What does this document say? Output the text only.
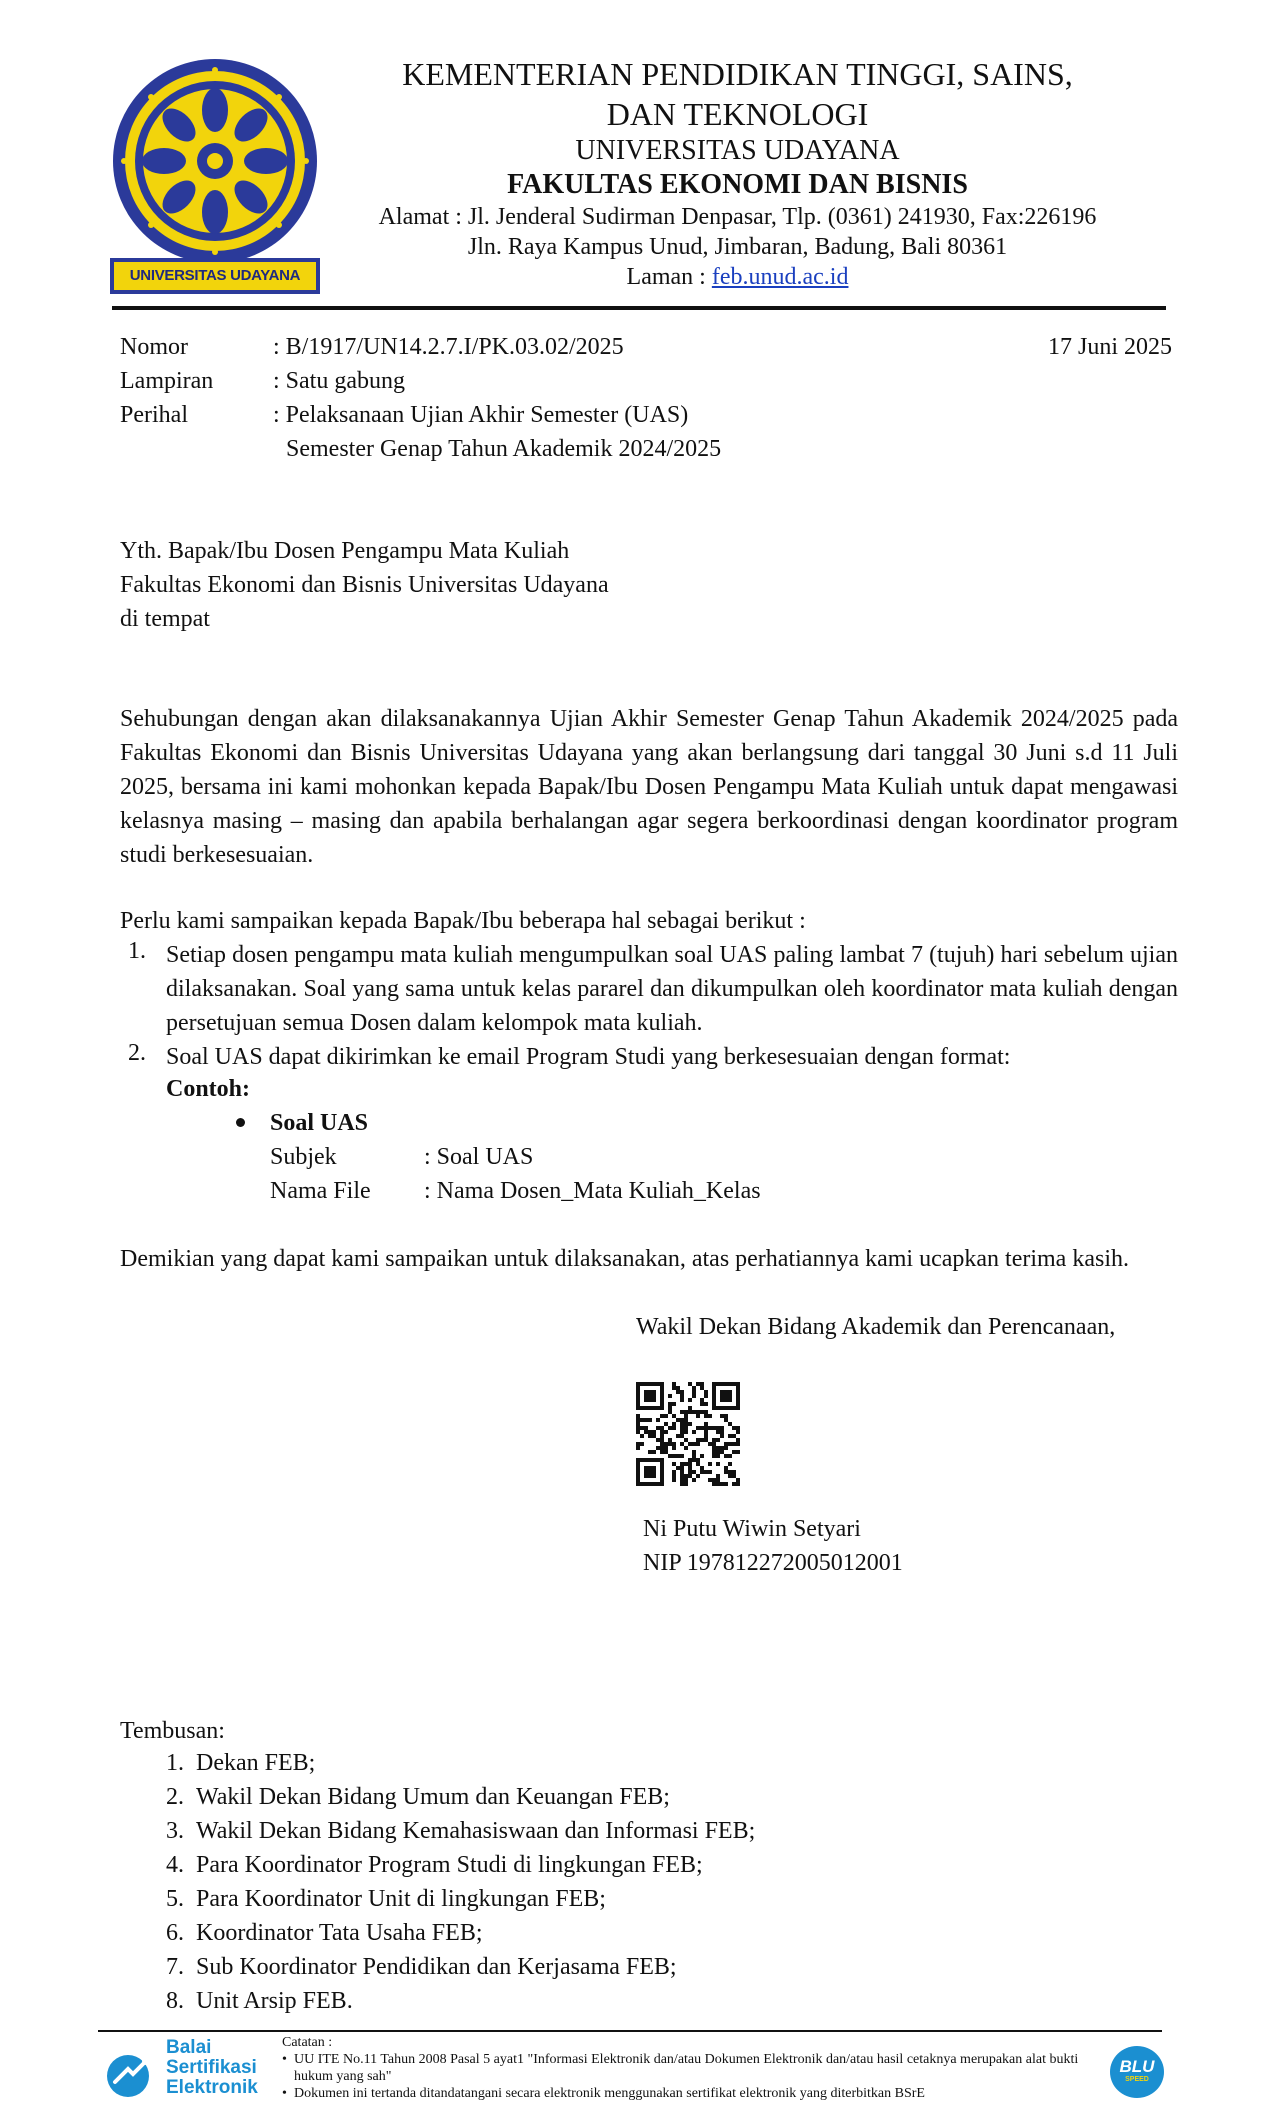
UNIVERSITAS UDAYANA
KEMENTERIAN PENDIDIKAN TINGGI, SAINS,
DAN TEKNOLOGI
UNIVERSITAS UDAYANA
FAKULTAS EKONOMI DAN BISNIS
Alamat : Jl. Jenderal Sudirman Denpasar, Tlp. (0361) 241930, Fax:226196
Jln. Raya Kampus Unud, Jimbaran, Badung, Bali 80361
Laman : feb.unud.ac.id
Nomor	: B/1917/UN14.2.7.I/PK.03.02/2025	17 Juni 2025
Lampiran : Satu gabung
Perihal	: Pelaksanaan Ujian Akhir Semester (UAS)
Semester Genap Tahun Akademik 2024/2025
Yth. Bapak/Ibu Dosen Pengampu Mata Kuliah
Fakultas Ekonomi dan Bisnis Universitas Udayana
di tempat

Sehubungan dengan akan dilaksanakannya Ujian Akhir Semester Genap Tahun Akademik 2024/2025 pada Fakultas Ekonomi dan Bisnis Universitas Udayana yang akan berlangsung dari tanggal 30 Juni s.d 11 Juli 2025, bersama ini kami mohonkan kepada Bapak/Ibu Dosen Pengampu Mata Kuliah untuk dapat mengawasi kelasnya masing – masing dan apabila berhalangan agar segera berkoordinasi dengan koordinator program studi berkesesuaian.

Perlu kami sampaikan kepada Bapak/Ibu beberapa hal sebagai berikut :
1. Setiap dosen pengampu mata kuliah mengumpulkan soal UAS paling lambat 7 (tujuh) hari sebelum ujian dilaksanakan. Soal yang sama untuk kelas pararel dan dikumpulkan oleh koordinator mata kuliah dengan persetujuan semua Dosen dalam kelompok mata kuliah.
2. Soal UAS dapat dikirimkan ke email Program Studi yang berkesesuaian dengan format:
Contoh:
Soal UAS
Subjek	: Soal UAS
Nama File : Nama Dosen_Mata Kuliah_Kelas
Demikian yang dapat kami sampaikan untuk dilaksanakan, atas perhatiannya kami ucapkan terima kasih.
Wakil Dekan Bidang Akademik dan Perencanaan,
Ni Putu Wiwin Setyari
NIP 197812272005012001
Tembusan:
1. Dekan FEB;
2. Wakil Dekan Bidang Umum dan Keuangan FEB;
3. Wakil Dekan Bidang Kemahasiswaan dan Informasi FEB;
4. Para Koordinator Program Studi di lingkungan FEB;
5. Para Koordinator Unit di lingkungan FEB;
6. Koordinator Tata Usaha FEB;
7. Sub Koordinator Pendidikan dan Kerjasama FEB;
8. Unit Arsip FEB.
Balai
Sertifikasi
Elektronik
Catatan :
• UU ITE No.11 Tahun 2008 Pasal 5 ayat1 "Informasi Elektronik dan/atau Dokumen Elektronik dan/atau hasil cetaknya merupakan alat bukti hukum yang sah"
• Dokumen ini tertanda ditandatangani secara elektronik menggunakan sertifikat elektronik yang diterbitkan BSrE
BLU
SPEED
